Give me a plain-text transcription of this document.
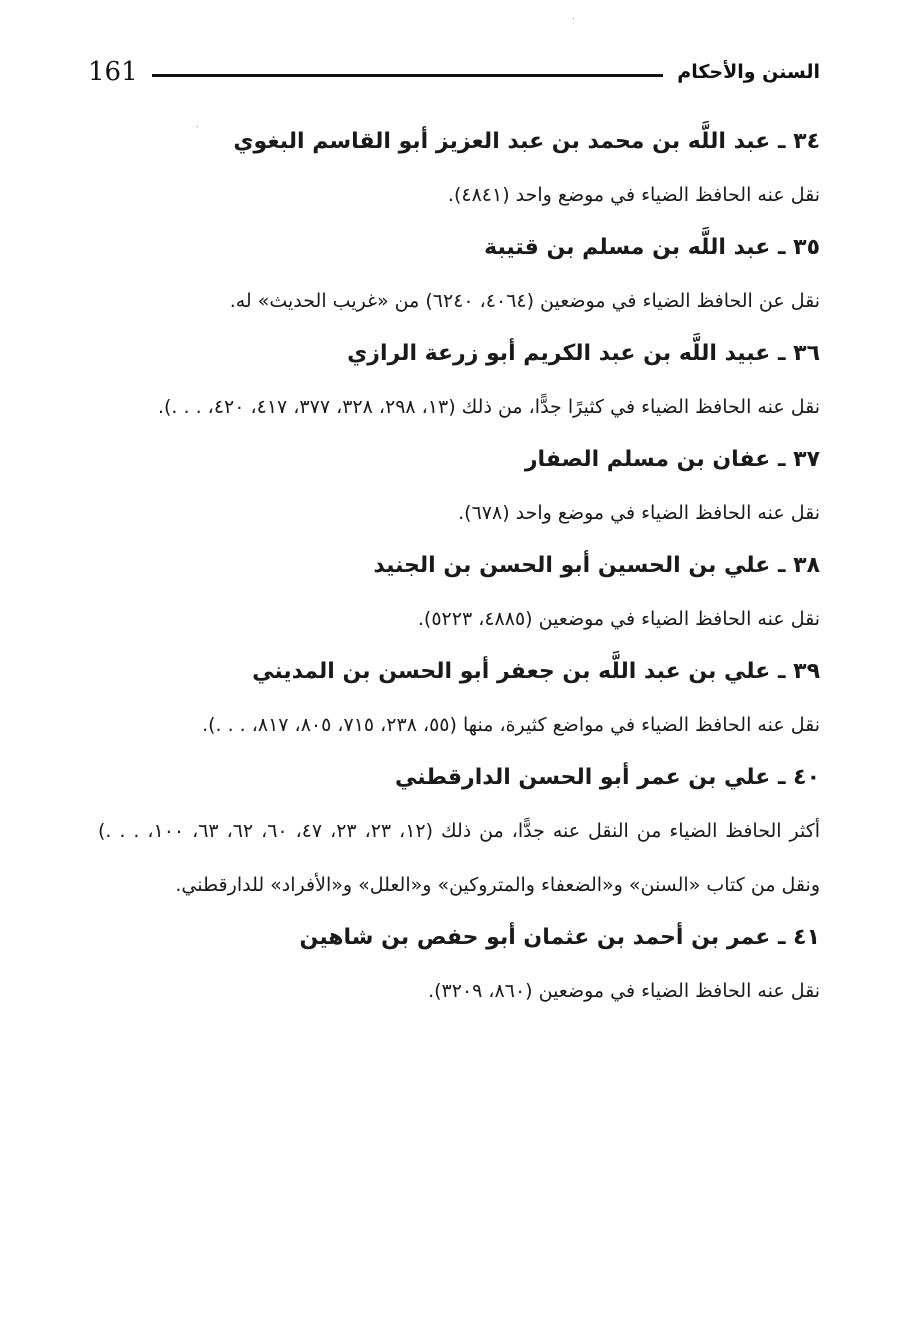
161	السنن والأحكام

٣٤ ـ عبد اللَّه بن محمد بن عبد العزيز أبو القاسم البغوي

نقل عنه الحافظ الضياء في موضع واحد (٤٨٤١).

٣٥ ـ عبد اللَّه بن مسلم بن قتيبة

نقل عن الحافظ الضياء في موضعين (٤٠٦٤، ٦٢٤٠) من «غريب الحديث» له.

٣٦ ـ عبيد اللَّه بن عبد الكريم أبو زرعة الرازي

نقل عنه الحافظ الضياء في كثيرًا جدًّا، من ذلك (١٣، ٢٩٨، ٣٢٨، ٣٧٧، ٤١٧، ٤٢٠، . . .).

٣٧ ـ عفان بن مسلم الصفار

نقل عنه الحافظ الضياء في موضع واحد (٦٧٨).

٣٨ ـ علي بن الحسين أبو الحسن بن الجنيد

نقل عنه الحافظ الضياء في موضعين (٤٨٨٥، ٥٢٢٣).

٣٩ ـ علي بن عبد اللَّه بن جعفر أبو الحسن بن المديني

نقل عنه الحافظ الضياء في مواضع كثيرة، منها (٥٥، ٢٣٨، ٧١٥، ٨٠٥، ٨١٧، . . .).

٤٠ ـ علي بن عمر أبو الحسن الدارقطني

أكثر الحافظ الضياء من النقل عنه جدًّا، من ذلك (١٢، ٢٣، ٢٣، ٤٧، ٦٠، ٦٢، ٦٣، ١٠٠، . . .) ونقل من كتاب «السنن» و«الضعفاء والمتروكين» و«العلل» و«الأفراد» للدارقطني.

٤١ ـ عمر بن أحمد بن عثمان أبو حفص بن شاهين

نقل عنه الحافظ الضياء في موضعين (٨٦٠، ٣٢٠٩).
